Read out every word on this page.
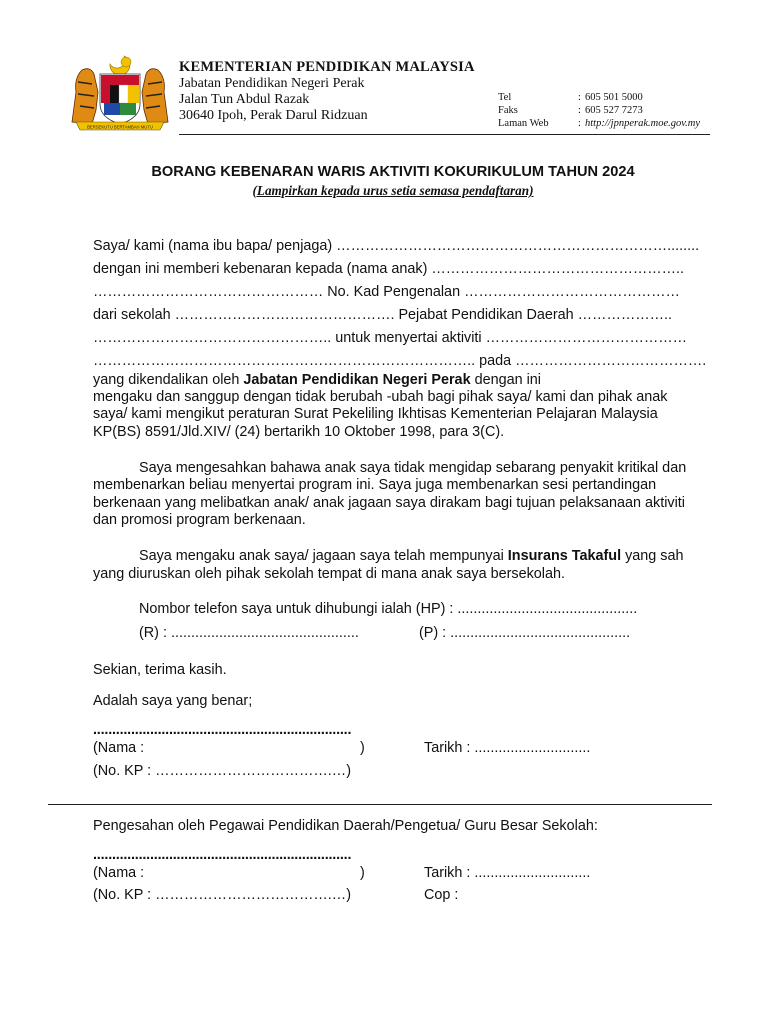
BERSEKUTU BERTAMBAH MUTU
KEMENTERIAN PENDIDIKAN MALAYSIA
Jabatan Pendidikan Negeri Perak
Jalan Tun Abdul Razak
30640 Ipoh, Perak Darul Ridzuan
Tel	: 605 501 5000
Faks	: 605 527 7273
Laman Web	: http://jpnperak.moe.gov.my
BORANG KEBENARAN WARIS AKTIVITI KOKURIKULUM TAHUN 2024
(Lampirkan kepada urus setia semasa pendaftaran)
Saya/ kami (nama ibu bapa/ penjaga) ……………………………………………………………........
dengan ini memberi kebenaran kepada (nama anak) ……………………………………………..
………………………………………… No. Kad Pengenalan ………………………………………
dari sekolah ………………………………………. Pejabat Pendidikan Daerah ………………..
………………………………………….. untuk menyertai aktiviti ……………………………………
…………………………………………………………………….. pada ………………………………….
yang dikendalikan oleh Jabatan Pendidikan Negeri Perak dengan ini
mengaku dan sanggup dengan tidak berubah -ubah bagi pihak saya/ kami dan pihak anak
saya/ kami mengikut peraturan Surat Pekeliling Ikhtisas Kementerian Pelajaran Malaysia
KP(BS) 8591/Jld.XIV/ (24) bertarikh 10 Oktober 1998, para 3(C).
Saya mengesahkan bahawa anak saya tidak mengidap sebarang penyakit kritikal dan
membenarkan beliau menyertai program ini. Saya juga membenarkan sesi pertandingan
berkenaan yang melibatkan anak/ anak jagaan saya dirakam bagi tujuan pelaksanaan aktiviti
dan promosi program berkenaan.
Saya mengaku anak saya/ jagaan saya telah mempunyai Insurans Takaful yang sah
yang diuruskan oleh pihak sekolah tempat di mana anak saya bersekolah.
Nombor telefon saya untuk dihubungi ialah (HP) : .............................................
(R) : ...............................................	(P) : .............................................
Sekian, terima kasih.
Adalah saya yang benar;
....................................................................
(Nama :	)	Tarikh : .............................
(No. KP : ……………………………….…)
Pengesahan oleh Pegawai Pendidikan Daerah/Pengetua/ Guru Besar Sekolah:
....................................................................
(Nama :	)	Tarikh : .............................
(No. KP : ……………………………….…)	Cop :
